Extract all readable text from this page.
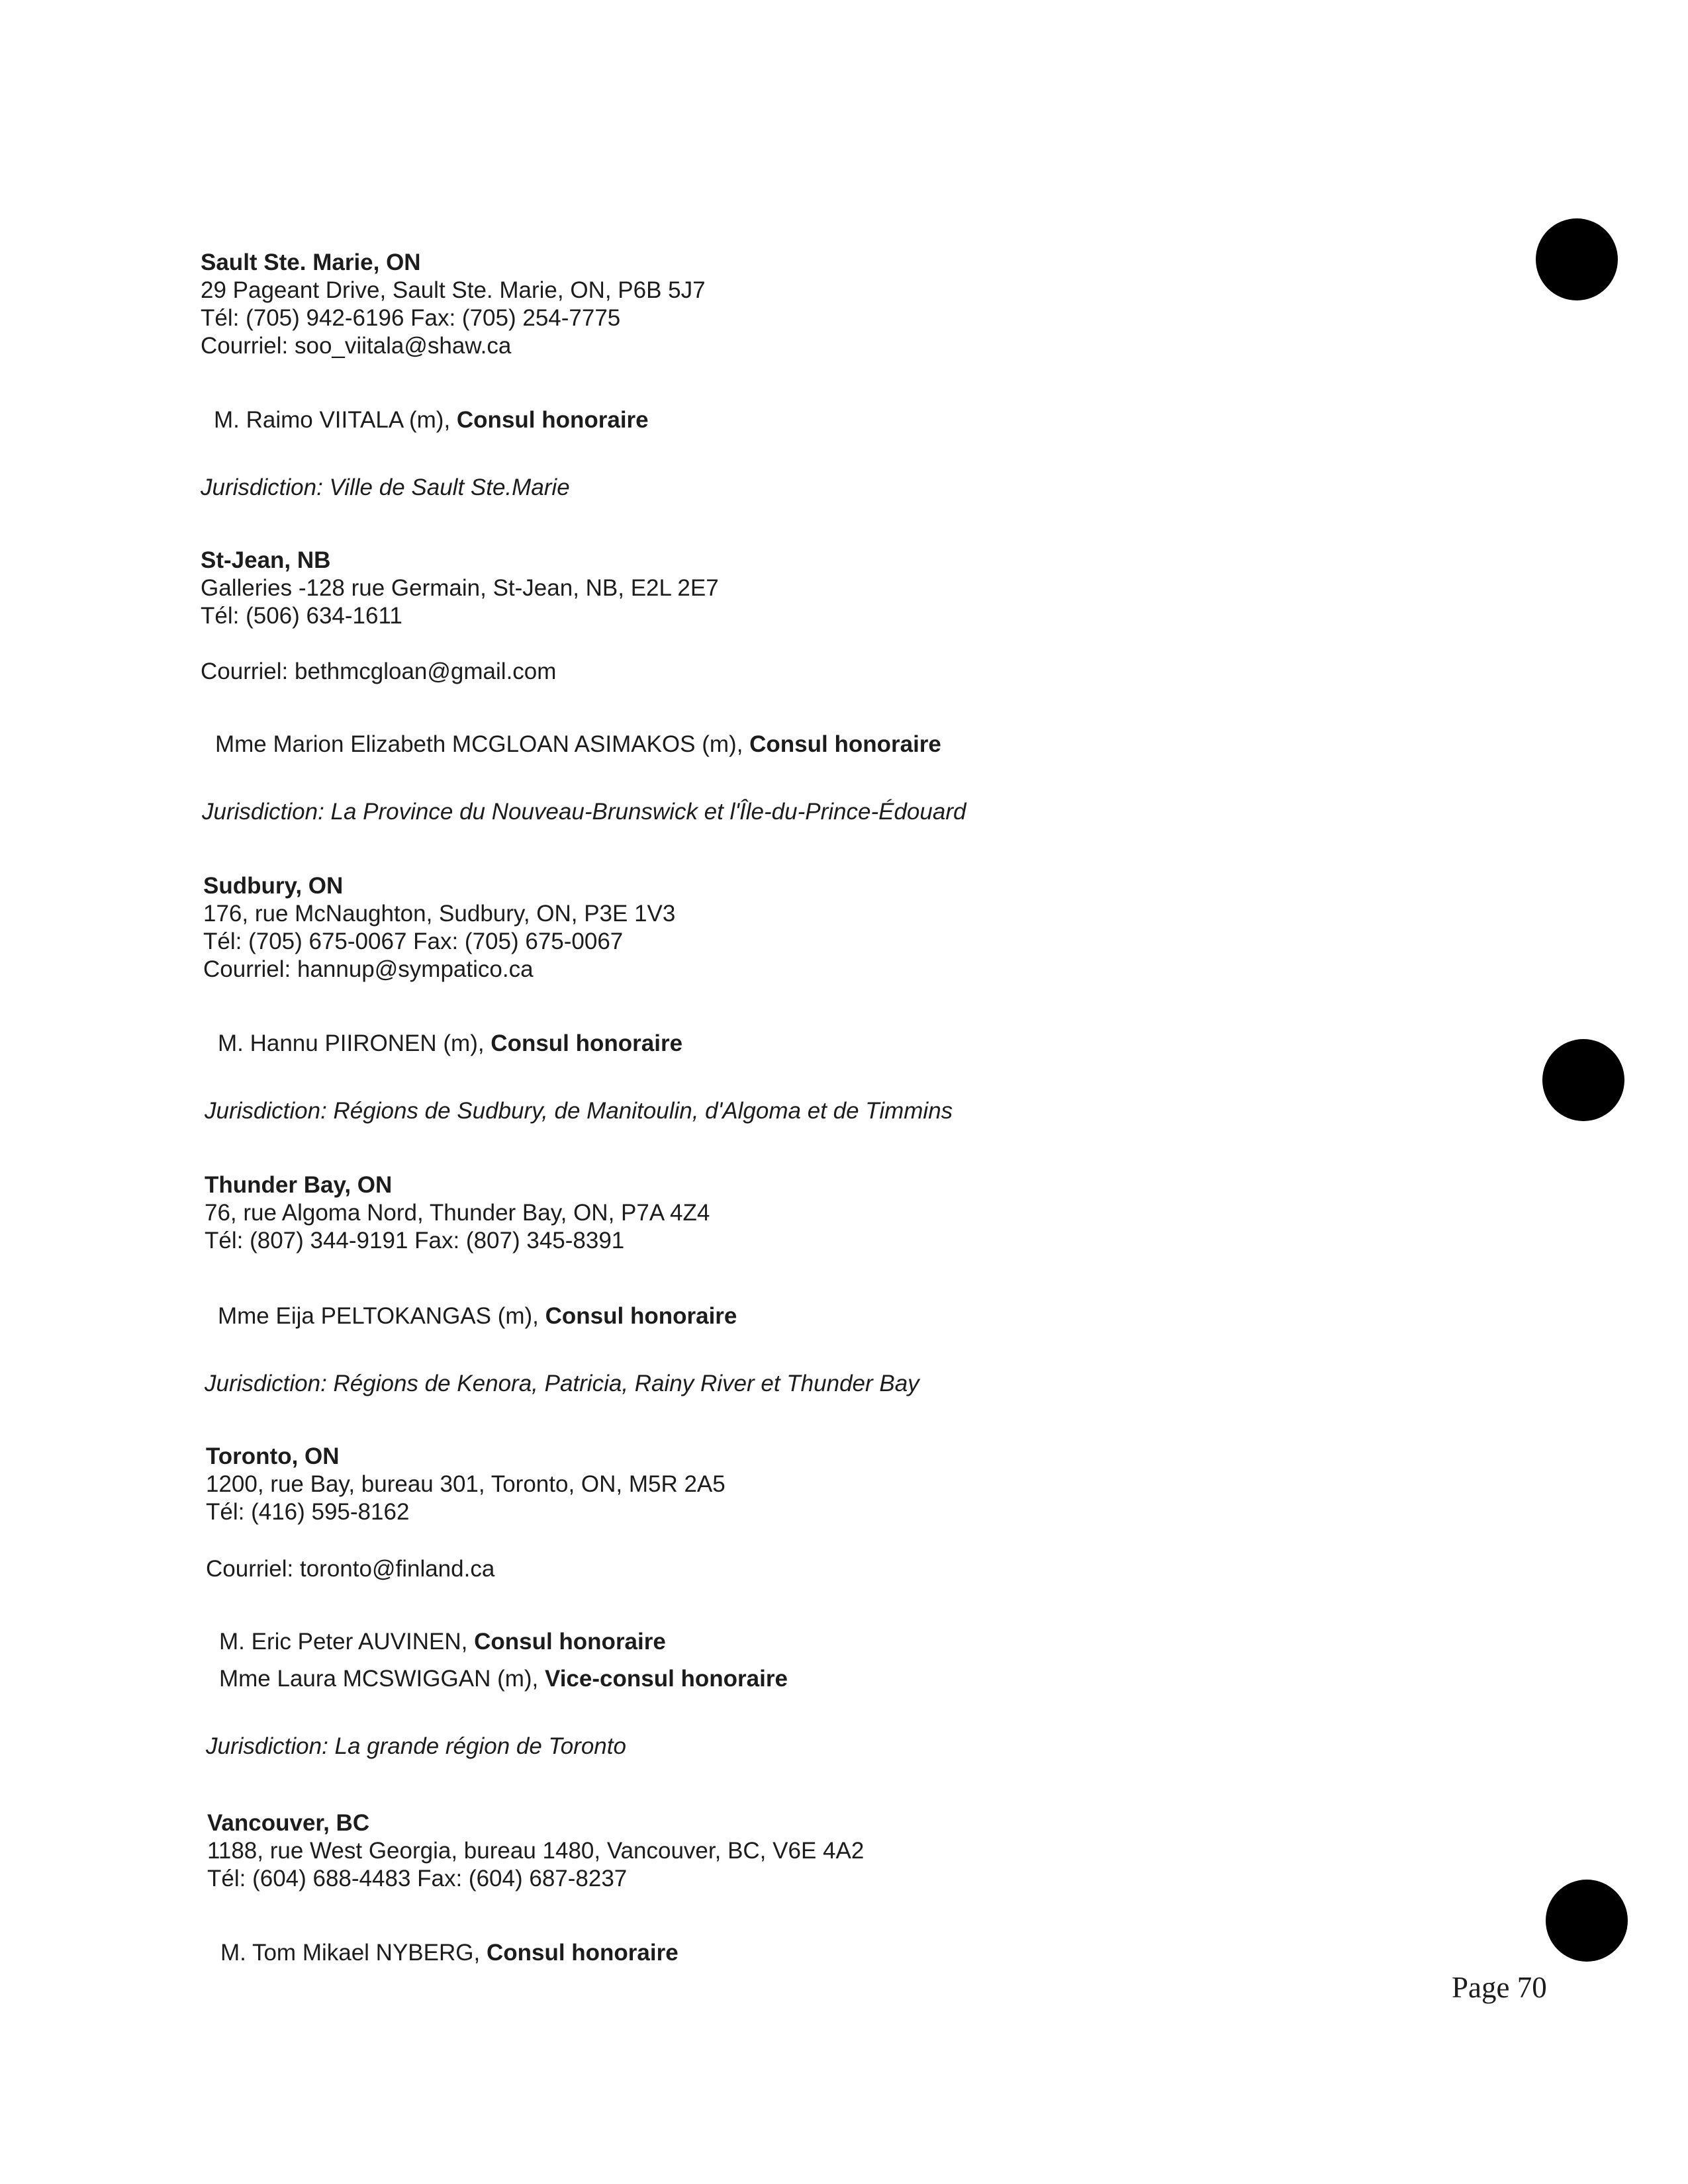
Sault Ste. Marie, ON
29 Pageant Drive, Sault Ste. Marie, ON, P6B 5J7
Tél: (705) 942-6196 Fax: (705) 254-7775
Courriel: soo_viitala@shaw.ca
M. Raimo VIITALA (m), Consul honoraire
Jurisdiction: Ville de Sault Ste.Marie
St-Jean, NB
Galleries -128 rue Germain, St-Jean, NB, E2L 2E7
Tél: (506) 634-1611
Courriel: bethmcgloan@gmail.com
Mme Marion Elizabeth MCGLOAN ASIMAKOS (m), Consul honoraire
Jurisdiction: La Province du Nouveau-Brunswick et l'Île-du-Prince-Édouard
Sudbury, ON
176, rue McNaughton, Sudbury, ON, P3E 1V3
Tél: (705) 675-0067 Fax: (705) 675-0067
Courriel: hannup@sympatico.ca
M. Hannu PIIRONEN (m), Consul honoraire
Jurisdiction: Régions de Sudbury, de Manitoulin, d'Algoma et de Timmins
Thunder Bay, ON
76, rue Algoma Nord, Thunder Bay, ON, P7A 4Z4
Tél: (807) 344-9191 Fax: (807) 345-8391
Mme Eija PELTOKANGAS (m), Consul honoraire
Jurisdiction: Régions de Kenora, Patricia, Rainy River et Thunder Bay
Toronto, ON
1200, rue Bay, bureau 301, Toronto, ON, M5R 2A5
Tél: (416) 595-8162
Courriel: toronto@finland.ca
M. Eric Peter AUVINEN, Consul honoraire
Mme Laura MCSWIGGAN (m), Vice-consul honoraire
Jurisdiction: La grande région de Toronto
Vancouver, BC
1188, rue West Georgia, bureau 1480, Vancouver, BC, V6E 4A2
Tél: (604) 688-4483 Fax: (604) 687-8237
M. Tom Mikael NYBERG, Consul honoraire
Page 70
